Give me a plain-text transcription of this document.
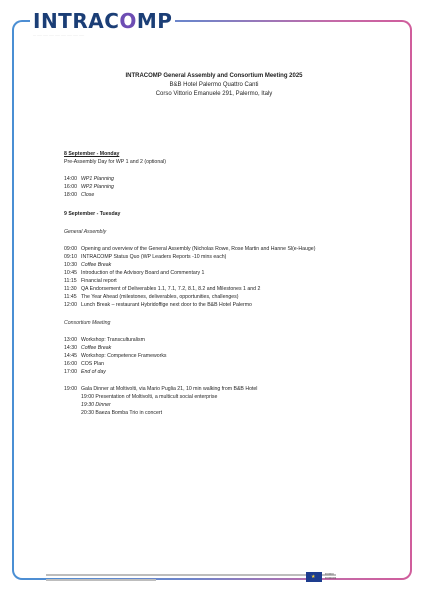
INTRACOMP
···········································
INTRACOMP General Assembly and Consortium Meeting 2025
B&B Hotel Palermo Quattro Canti
Corso Vittorio Emanuele 291, Palermo, Italy
8 September - Monday
Pre-Assembly Day for WP 1 and 2 (optional)
14:00 WP1 Planning
16:00 WP2 Planning
18:00 Close
9 September - Tuesday
General Assembly
09:00 Opening and overview of the General Assembly (Nicholas Rowe, Rose Martin and Hanne Sl(e-Hauge)
09:10 INTRACOMP Status Quo (WP Leaders Reports -10 mins each)
10:30 Coffee Break
10:45 Introduction of the Advisory Board and Commentary 1
11:15 Financial report
11:30 QA Endorsement of Deliverables 1.1, 7.1, 7.2, 8.1, 8.2 and Milestones 1 and 2
11:45 The Year Ahead (milestones, deliverables, opportunities, challenges)
12:00 Lunch Break – restaurant Hybridoffige next door to the B&B Hotel Palermo
Consortium Meeting
13:00 Workshop: Transculturalism
14:30 Coffee Break
14:45 Workshop: Competence Frameworks
16:00 COS Plan
17:00 End of day
19:00 Gala Dinner at Moltivolti, via Mario Puglia 21, 10 min walking from B&B Hotel
19:00 Presentation of Moltivolti, a multicult social enterprise
19:30 Dinner
20:30 Baeza Bomba Trio in concert
★	▪▪▪▪▪▪▪
▪▪▪▪▪▪▪▪▪
